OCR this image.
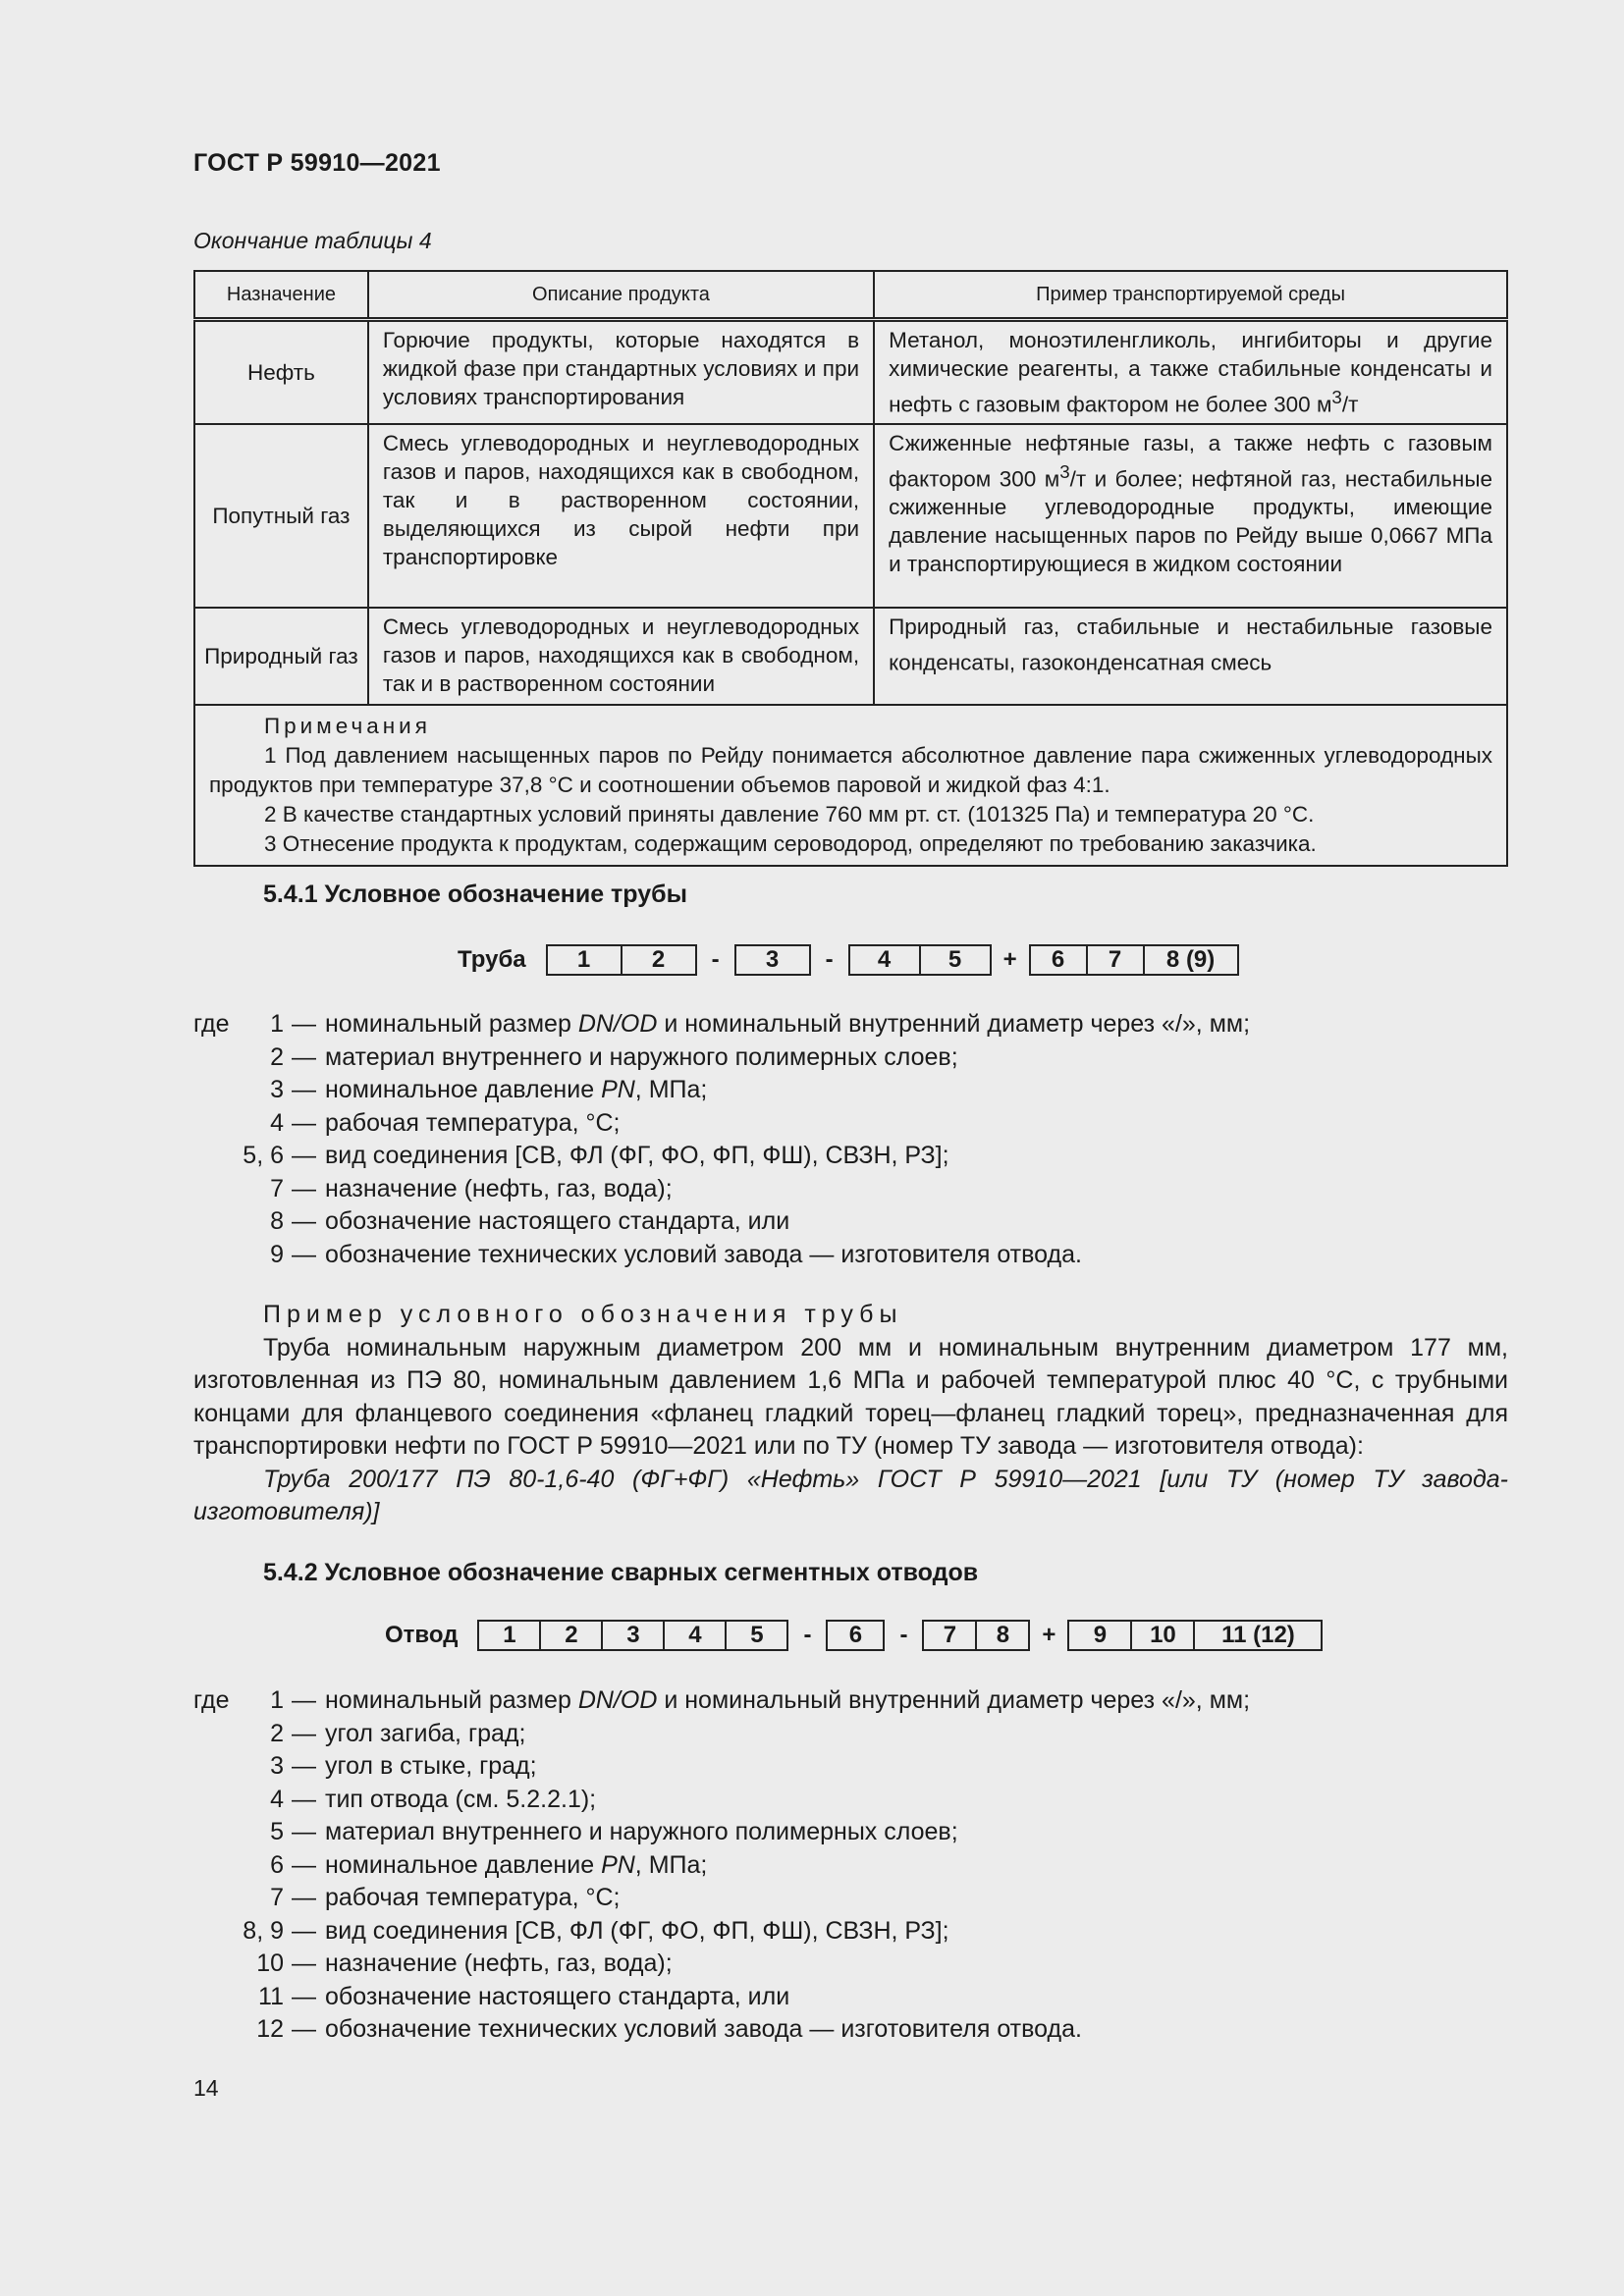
ГОСТ Р 59910—2021
Окончание таблицы 4
Назначение	Описание продукта	Пример транспортируемой среды
Нефть	Горючие продукты, которые находятся в жидкой фазе при стандартных условиях и при условиях транспортирования	Метанол, моноэтиленгликоль, ингибиторы и другие химические реагенты, а также стабильные конденсаты и нефть с газовым фактором не более 300 $м^3/т$
Попутный газ	Смесь углеводородных и неуглеводородных газов и паров, находящихся как в свободном, так и в растворенном состоянии, выделяющихся из сырой нефти при транспортировке	Сжиженные нефтяные газы, а также нефть с газовым фактором 300 $м^3/т$ и более; нефтяной газ, нестабильные сжиженные углеводородные продукты, имеющие давление насыщенных паров по Рейду выше 0,0667 МПа и транспортирующиеся в жидком состоянии
Природный газ	Смесь углеводородных и неуглеводородных газов и паров, находящихся как в свободном, так и в растворенном состоянии	Природный газ, стабильные и нестабильные газовые конденсаты, газоконденсатная смесь

Примечания

1 Под давлением насыщенных паров по Рейду понимается абсолютное давление пара сжиженных углеводородных продуктов при температуре 37,8 °С и соотношении объемов паровой и жидкой фаз 4:1.

2 В качестве стандартных условий приняты давление 760 мм рт. ст. (101325 Па) и температура 20 °С.

3 Отнесение продукта к продуктам, содержащим сероводород, определяют по требованию заказчика.		

5.4.1 Условное обозначение трубы
Труба	1	2	-	3	-	4	5	+	6	7	8 (9)
где	1 — номинальный размер DN/OD и номинальный внутренний диаметр через «/», мм;
2 — материал внутреннего и наружного полимерных слоев;
3 — номинальное давление PN, МПа;
4 — рабочая температура, °С;
5, 6 — вид соединения [СВ, ФЛ (ФГ, ФО, ФП, ФШ), СВЗН, РЗ];
7 — назначение (нефть, газ, вода);
8 — обозначение настоящего стандарта, или
9 — обозначение технических условий завода — изготовителя отвода.
Пример условного обозначения трубы

Труба номинальным наружным диаметром 200 мм и номинальным внутренним диаметром 177 мм, изготовленная из ПЭ 80, номинальным давлением 1,6 МПа и рабочей температурой плюс 40 °С, с трубными концами для фланцевого соединения «фланец гладкий торец—фланец гладкий торец», предназначенная для транспортировки нефти по ГОСТ Р 59910—2021 или по ТУ (номер ТУ завода — изготовителя отвода):

Труба 200/177 ПЭ 80-1,6-40 (ФГ+ФГ) «Нефть» ГОСТ Р 59910—2021 [или ТУ (номер ТУ завода-изготовителя)]

5.4.2 Условное обозначение сварных сегментных отводов
Отвод	1	2	3	4	5	-	6	-	7	8	+	9	10	11 (12)
где	1 — номинальный размер DN/OD и номинальный внутренний диаметр через «/», мм;
2 — угол загиба, град;
3 — угол в стыке, град;
4 — тип отвода (см. 5.2.2.1);
5 — материал внутреннего и наружного полимерных слоев;
6 — номинальное давление PN, МПа;
7 — рабочая температура, °С;
8, 9 — вид соединения [СВ, ФЛ (ФГ, ФО, ФП, ФШ), СВЗН, РЗ];
10 — назначение (нефть, газ, вода);
11 — обозначение настоящего стандарта, или
12 — обозначение технических условий завода — изготовителя отвода.
14
